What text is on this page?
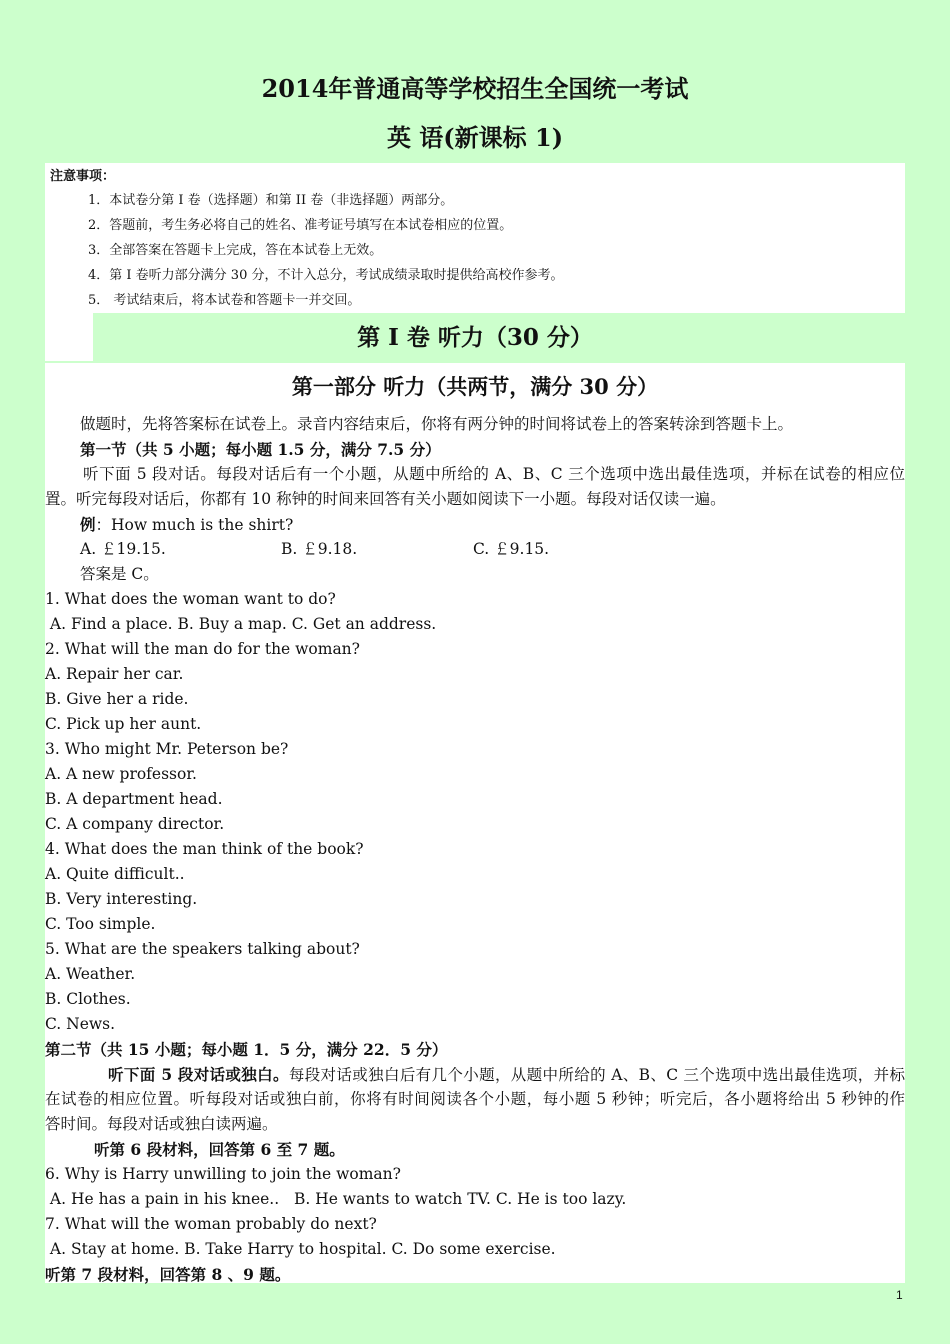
2014年普通高等学校招生全国统一考试
英 语(新课标 1)
注意事项：
1．本试卷分第 I 卷（选择题）和第 II 卷（非选择题）两部分。
2．答题前，考生务必将自己的姓名、准考证号填写在本试卷相应的位置。
3．全部答案在答题卡上完成，答在本试卷上无效。
4．第 I 卷听力部分满分 30 分，不计入总分，考试成绩录取时提供给高校作参考。
5． 考试结束后，将本试卷和答题卡一并交回。
第 I 卷 听力（30 分）
第一部分 听力（共两节，满分 30 分）
做题时，先将答案标在试卷上。录音内容结束后，你将有两分钟的时间将试卷上的答案转涂到答题卡上。
第一节（共 5 小题；每小题 1.5 分，满分 7.5 分）
听下面 5 段对话。每段对话后有一个小题，从题中所给的 A、B、C 三个选项中选出最佳选项，并标在试卷的相应位
置。听完每段对话后，你都有 10 称钟的时间来回答有关小题如阅读下一小题。每段对话仅读一遍。
例：How much is the shirt?
A. ￡19.15.	B. ￡9.18.	C. ￡9.15.
答案是 C。
1. What does the woman want to do?
A. Find a place. B. Buy a map. C. Get an address.
2. What will the man do for the woman?
A. Repair her car.
B. Give her a ride.
C. Pick up her aunt.
3. Who might Mr. Peterson be?
A. A new professor.
B. A department head.
C. A company director.
4. What does the man think of the book?
A. Quite difficult..
B. Very interesting.
C. Too simple.
5. What are the speakers talking about?
A. Weather.
B. Clothes.
C. News.
第二节（共 15 小题；每小题 1．5 分，满分 22．5 分）
听下面 5 段对话或独白。每段对话或独白后有几个小题，从题中所给的 A、B、C 三个选项中选出最佳选项，并标
在试卷的相应位置。听每段对话或独白前，你将有时间阅读各个小题，每小题 5 秒钟；听完后，各小题将给出 5 秒钟的作
答时间。每段对话或独白读两遍。
听第 6 段材料，回答第 6 至 7 题。
6. Why is Harry unwilling to join the woman?
A. He has a pain in his knee..   B. He wants to watch TV. C. He is too lazy.
7. What will the woman probably do next?
A. Stay at home. B. Take Harry to hospital. C. Do some exercise.
听第 7 段材料，回答第 8 、9 题。
1
